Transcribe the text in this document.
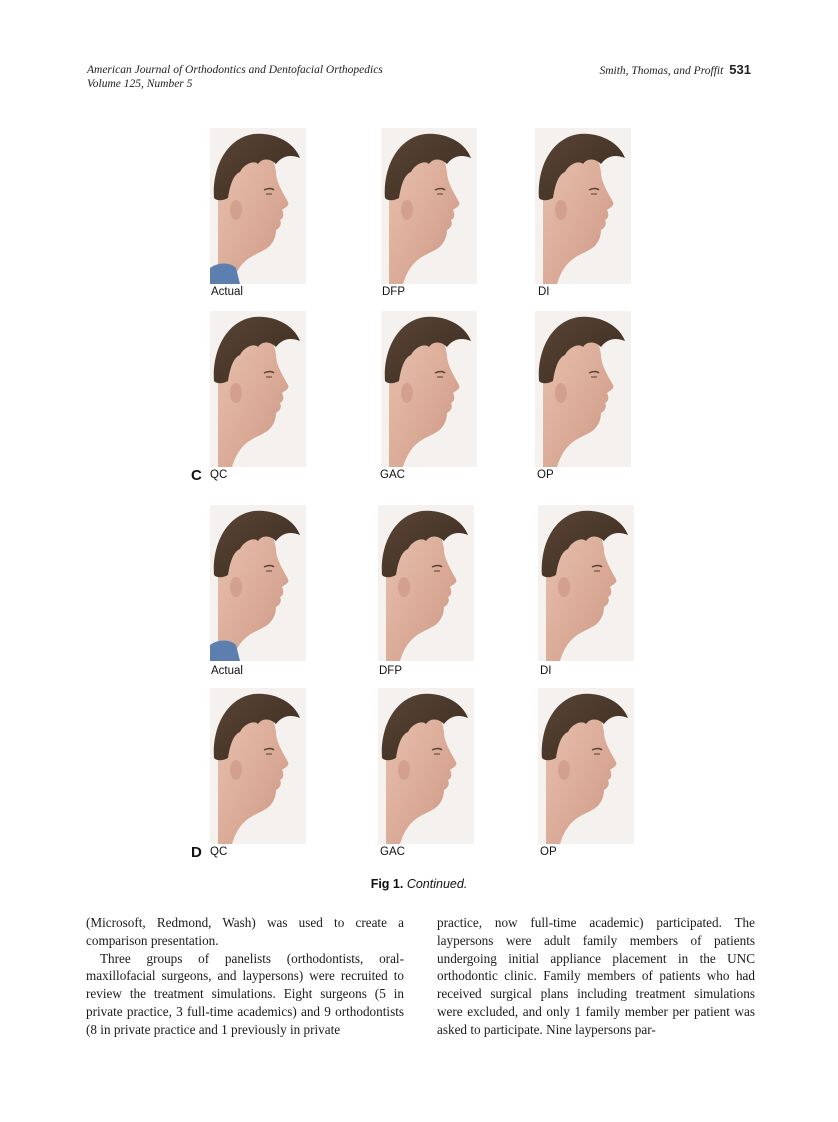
American Journal of Orthodontics and Dentofacial Orthopedics
Volume 125, Number 5
Smith, Thomas, and Proffit 531
Actual	DFP	DI
C QC	GAC	OP
Actual	DFP	DI
D QC	GAC	OP
Fig 1. Continued.

(Microsoft, Redmond, Wash) was used to create a comparison presentation.

Three groups of panelists (orthodontists, oral-maxillofacial surgeons, and laypersons) were recruited to review the treatment simulations. Eight surgeons (5 in private practice, 3 full-time academics) and 9 orthodontists (8 in private practice and 1 previously in private

practice, now full-time academic) participated. The laypersons were adult family members of patients undergoing initial appliance placement in the UNC orthodontic clinic. Family members of patients who had received surgical plans including treatment simulations were excluded, and only 1 family member per patient was asked to participate. Nine laypersons par-
